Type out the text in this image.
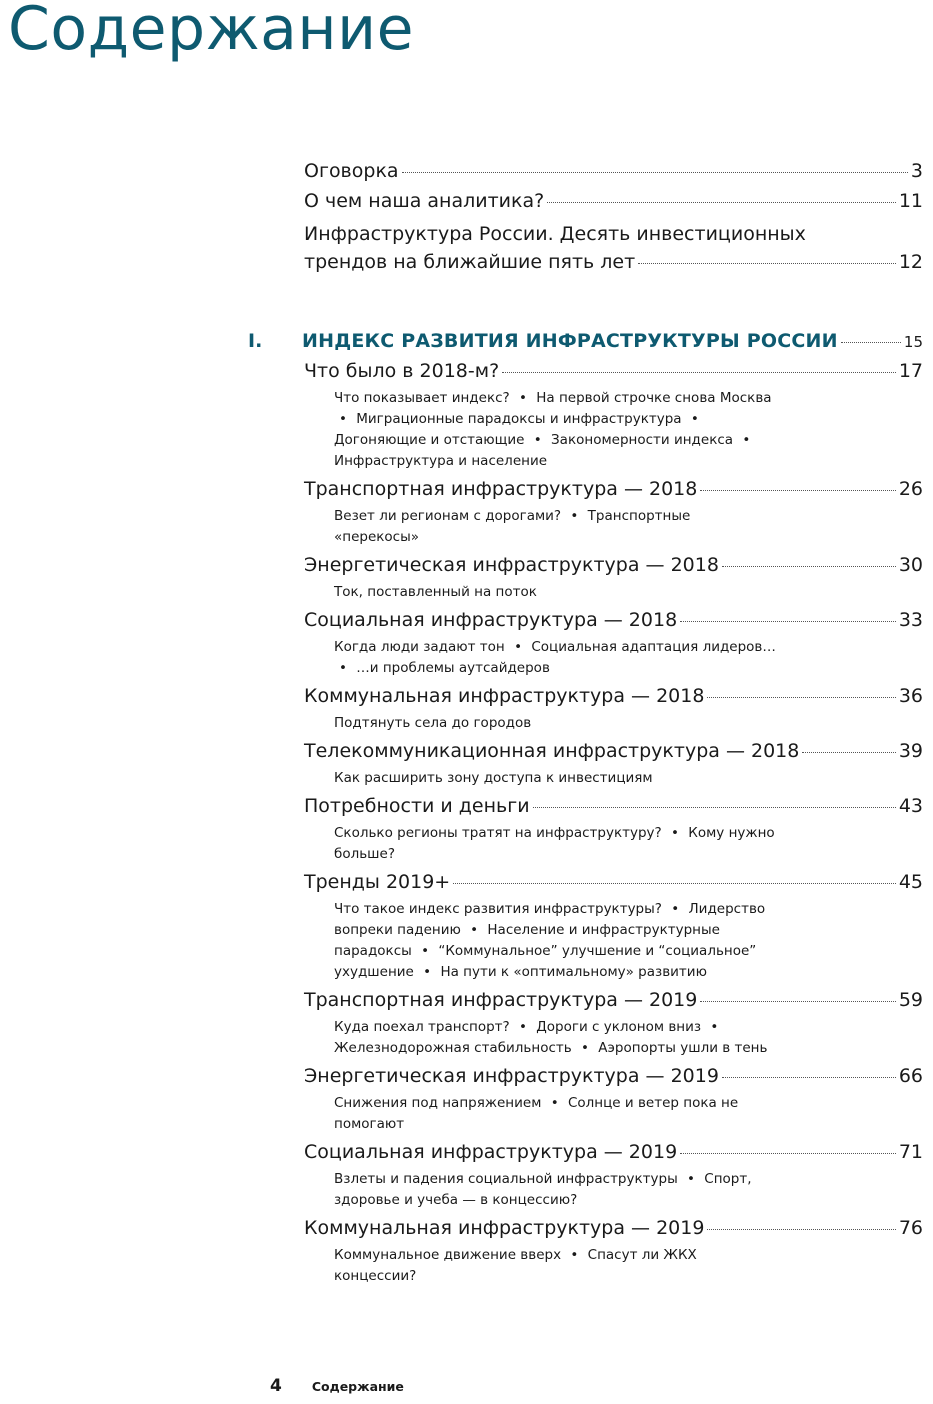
Содержание
Оговорка	3
О чем наша аналитика?	11
Инфраструктура России. Десять инвестиционных
трендов на ближайшие пять лет	12
I.	ИНДЕКС РАЗВИТИЯ ИНФРАСТРУКТУРЫ РОССИИ	15
Что было в 2018-м?	17
Что показывает индекс? • На первой строчке снова Москва • Миграционные парадоксы и инфраструктура • Догоняющие и отстающие • Закономерности индекса • Инфраструктура и население
Транспортная инфраструктура — 2018	26
Везет ли регионам с дорогами? • Транспортные «перекосы»
Энергетическая инфраструктура — 2018	30
Ток, поставленный на поток
Социальная инфраструктура — 2018	33
Когда люди задают тон • Социальная адаптация лидеров… • …и проблемы аутсайдеров
Коммунальная инфраструктура — 2018	36
Подтянуть села до городов
Телекоммуникационная инфраструктура — 2018	39
Как расширить зону доступа к инвестициям
Потребности и деньги	43
Сколько регионы тратят на инфраструктуру? • Кому нужно больше?
Тренды 2019+	45
Что такое индекс развития инфраструктуры? • Лидерство вопреки падению • Население и инфраструктурные парадоксы • “Коммунальное” улучшение и “социальное” ухудшение • На пути к «оптимальному» развитию
Транспортная инфраструктура — 2019	59
Куда поехал транспорт? • Дороги с уклоном вниз • Железнодорожная стабильность • Аэропорты ушли в тень
Энергетическая инфраструктура — 2019	66
Снижения под напряжением • Солнце и ветер пока не помогают
Социальная инфраструктура — 2019	71
Взлеты и падения социальной инфраструктуры • Спорт, здоровье и учеба — в концессию?
Коммунальная инфраструктура — 2019	76
Коммунальное движение вверх • Спасут ли ЖКХ концессии?
4 Содержание
